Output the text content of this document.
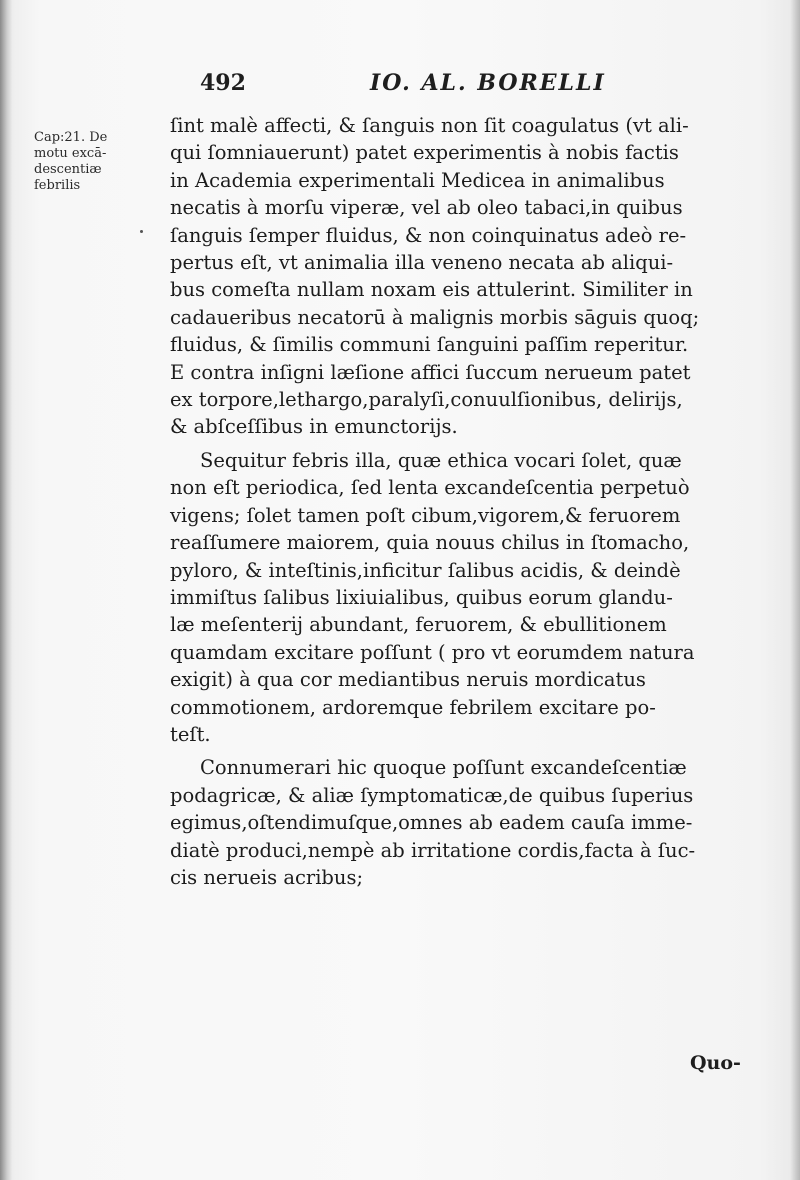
492	IO. AL. BORELLI
Cap:21. De
motu excā-
descentiæ
febrilis
ſint malè affecti, & ſanguis non ſit coagulatus (vt ali-
qui ſomniauerunt) patet experimentis à nobis factis
in Academia experimentali Medicea in animalibus
necatis à morſu viperæ, vel ab oleo tabaci,in quibus
ſanguis ſemper fluidus, & non coinquinatus adeò re-
pertus eſt, vt animalia illa veneno necata ab aliqui-
bus comeſta nullam noxam eis attulerint. Similiter in
cadaueribus necatorū à malignis morbis sāguis quoq;
fluidus, & ſimilis communi ſanguini paſſim reperitur.
E contra inſigni læſione affici ſuccum nerueum patet
ex torpore,lethargo,paralyſi,conuulſionibus, delirijs,
& abſceſſibus in emunctorijs.
Sequitur febris illa, quæ ethica vocari ſolet, quæ
non eſt periodica, ſed lenta excandeſcentia perpetuò
vigens; ſolet tamen poſt cibum,vigorem,& feruorem
reaſſumere maiorem, quia nouus chilus in ſtomacho,
pyloro, & inteſtinis,inficitur ſalibus acidis, & deindè
immiſtus ſalibus lixiuialibus, quibus eorum glandu-
læ meſenterij abundant, feruorem, & ebullitionem
quamdam excitare poſſunt ( pro vt eorumdem natura
exigit) à qua cor mediantibus neruis mordicatus
commotionem, ardoremque febrilem excitare po-
teſt.
Connumerari hic quoque poſſunt excandeſcentiæ
podagricæ, & aliæ ſymptomaticæ,de quibus ſuperius
egimus,oſtendimuſque,omnes ab eadem cauſa imme-
diatè produci,nempè ab irritatione cordis,facta à ſuc-
cis nerueis acribus;
Quo-
